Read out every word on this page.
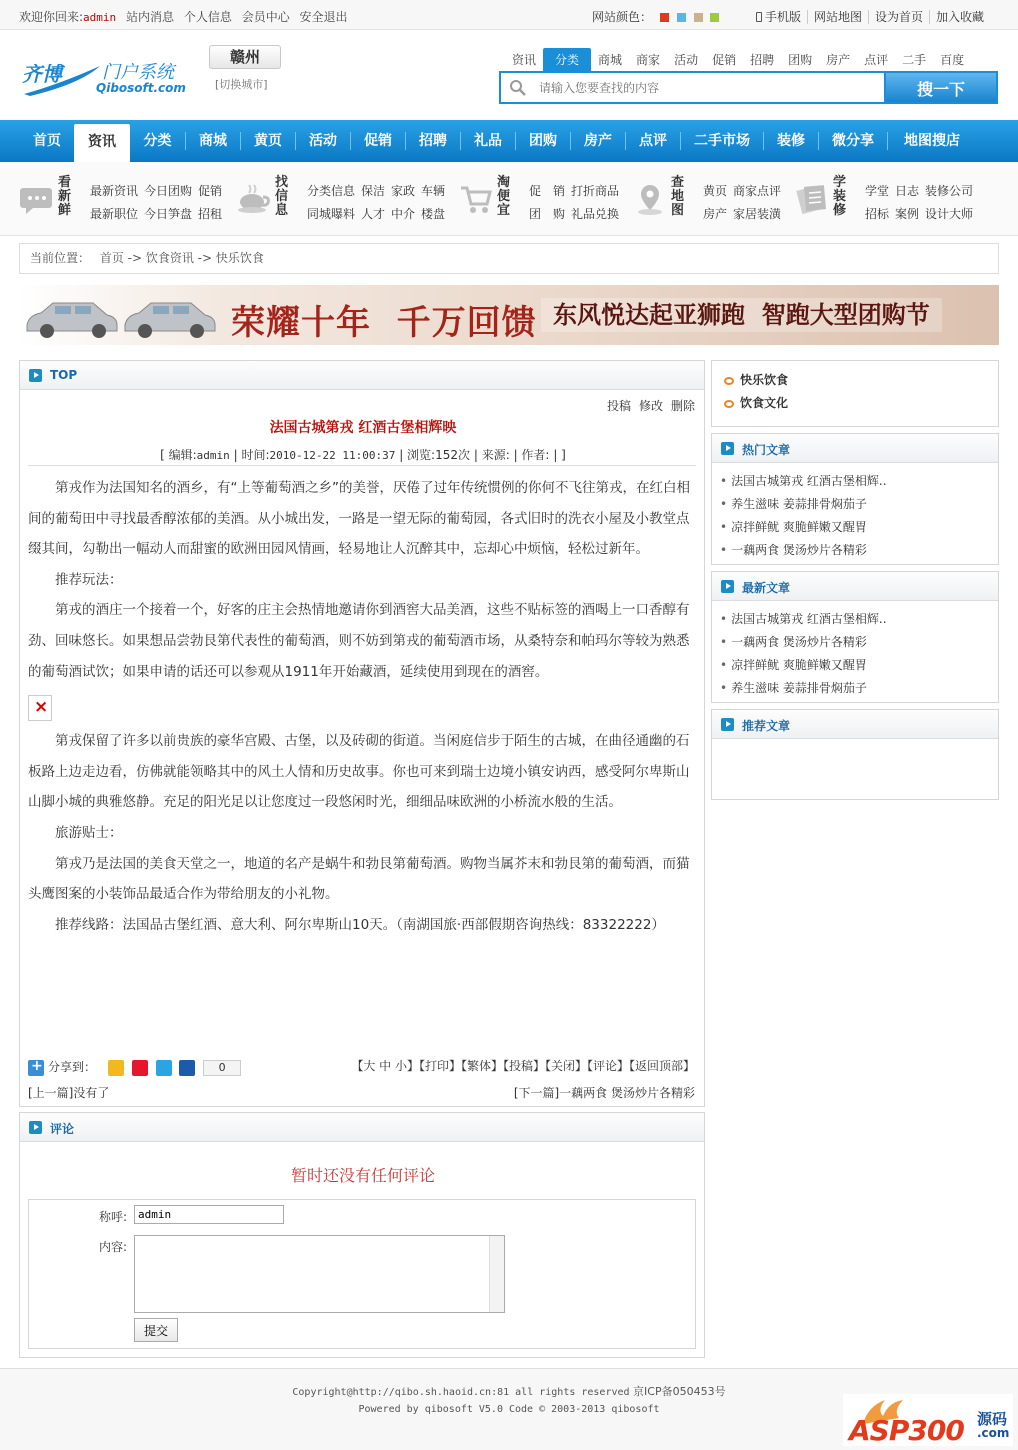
欢迎你回来:admin 站内消息 个人信息 会员中心 安全退出	网站颜色：	手机版 网站地图 设为首页 加入收藏
齐博 门户系统
Qibosoft.com
赣州
[切换城市]
资讯 分类 商城 商家 活动 促销 招聘 团购 房产 点评 二手 百度
请输入您要查找的内容
搜一下
首页	资讯	分类	商城	黄页	活动	促销	招聘	礼品	团购	房产	点评	二手市场	装修	微分享	地图搜店
看新鲜
最新资讯 今日团购 促销
最新职位 今日笋盘 招租
找信息
分类信息 保洁 家政 车辆
同城曝料 人才 中介 楼盘
淘便宜
促 销 打折商品
团 购 礼品兑换
查地图
黄页 商家点评
房产 家居装潢
学装修
学堂 日志 装修公司
招标 案例 设计大师
当前位置： 首页 -> 饮食资讯 -> 快乐饮食
荣耀十年  千万回馈 东风悦达起亚狮跑  智跑大型团购节
TOP
投稿 修改 删除
法国古城第戎 红酒古堡相辉映
[ 编辑:admin | 时间:2010-12-22 11:00:37 | 浏览:152次 | 来源: | 作者: | ]

第戎作为法国知名的酒乡，有“上等葡萄酒之乡”的美誉，厌倦了过年传统惯例的你何不飞往第戎，在红白相间的葡萄田中寻找最香醇浓郁的美酒。从小城出发，一路是一望无际的葡萄园，各式旧时的洗衣小屋及小教堂点缀其间，勾勒出一幅动人而甜蜜的欧洲田园风情画，轻易地让人沉醉其中，忘却心中烦恼，轻松过新年。

推荐玩法：

第戎的酒庄一个接着一个，好客的庄主会热情地邀请你到酒窖大品美酒，这些不贴标签的酒喝上一口香醇有劲、回味悠长。如果想品尝勃艮第代表性的葡萄酒，则不妨到第戎的葡萄酒市场，从桑特奈和帕玛尔等较为熟悉的葡萄酒试饮；如果申请的话还可以参观从1911年开始藏酒，延续使用到现在的酒窖。

×

第戎保留了许多以前贵族的豪华宫殿、古堡，以及砖砌的街道。当闲庭信步于陌生的古城，在曲径通幽的石板路上边走边看，仿佛就能领略其中的风土人情和历史故事。你也可来到瑞士边境小镇安讷西，感受阿尔卑斯山山脚小城的典雅悠静。充足的阳光足以让您度过一段悠闲时光，细细品味欧洲的小桥流水般的生活。

旅游贴士：

第戎乃是法国的美食天堂之一，地道的名产是蜗牛和勃艮第葡萄酒。购物当属芥末和勃艮第的葡萄酒，而猫头鹰图案的小装饰品最适合作为带给朋友的小礼物。

推荐线路：法国品古堡红酒、意大利、阿尔卑斯山10天。（南湖国旅·西部假期咨询热线：83322222）

+ 分享到：	0	【大 中 小】【打印】【繁体】【投稿】【关闭】【评论】【返回顶部】
[上一篇]没有了	[下一篇]一藕两食 煲汤炒片各精彩
评论
暂时还没有任何评论
称呼:
admin
内容:
提交
快乐饮食
饮食文化
热门文章
• 法国古城第戎 红酒古堡相辉..
• 养生滋味 姜蒜排骨焖茄子
• 凉拌鲜鱿 爽脆鲜嫩又醒胃
• 一藕两食 煲汤炒片各精彩
最新文章
• 法国古城第戎 红酒古堡相辉..
• 一藕两食 煲汤炒片各精彩
• 凉拌鲜鱿 爽脆鲜嫩又醒胃
• 养生滋味 姜蒜排骨焖茄子
推荐文章
Copyright@http://qibo.sh.haoid.cn:81 all rights reserved 京ICP备050453号
Powered by qibosoft V5.0 Code © 2003-2013 qibosoft
ASP300 源码
.com
